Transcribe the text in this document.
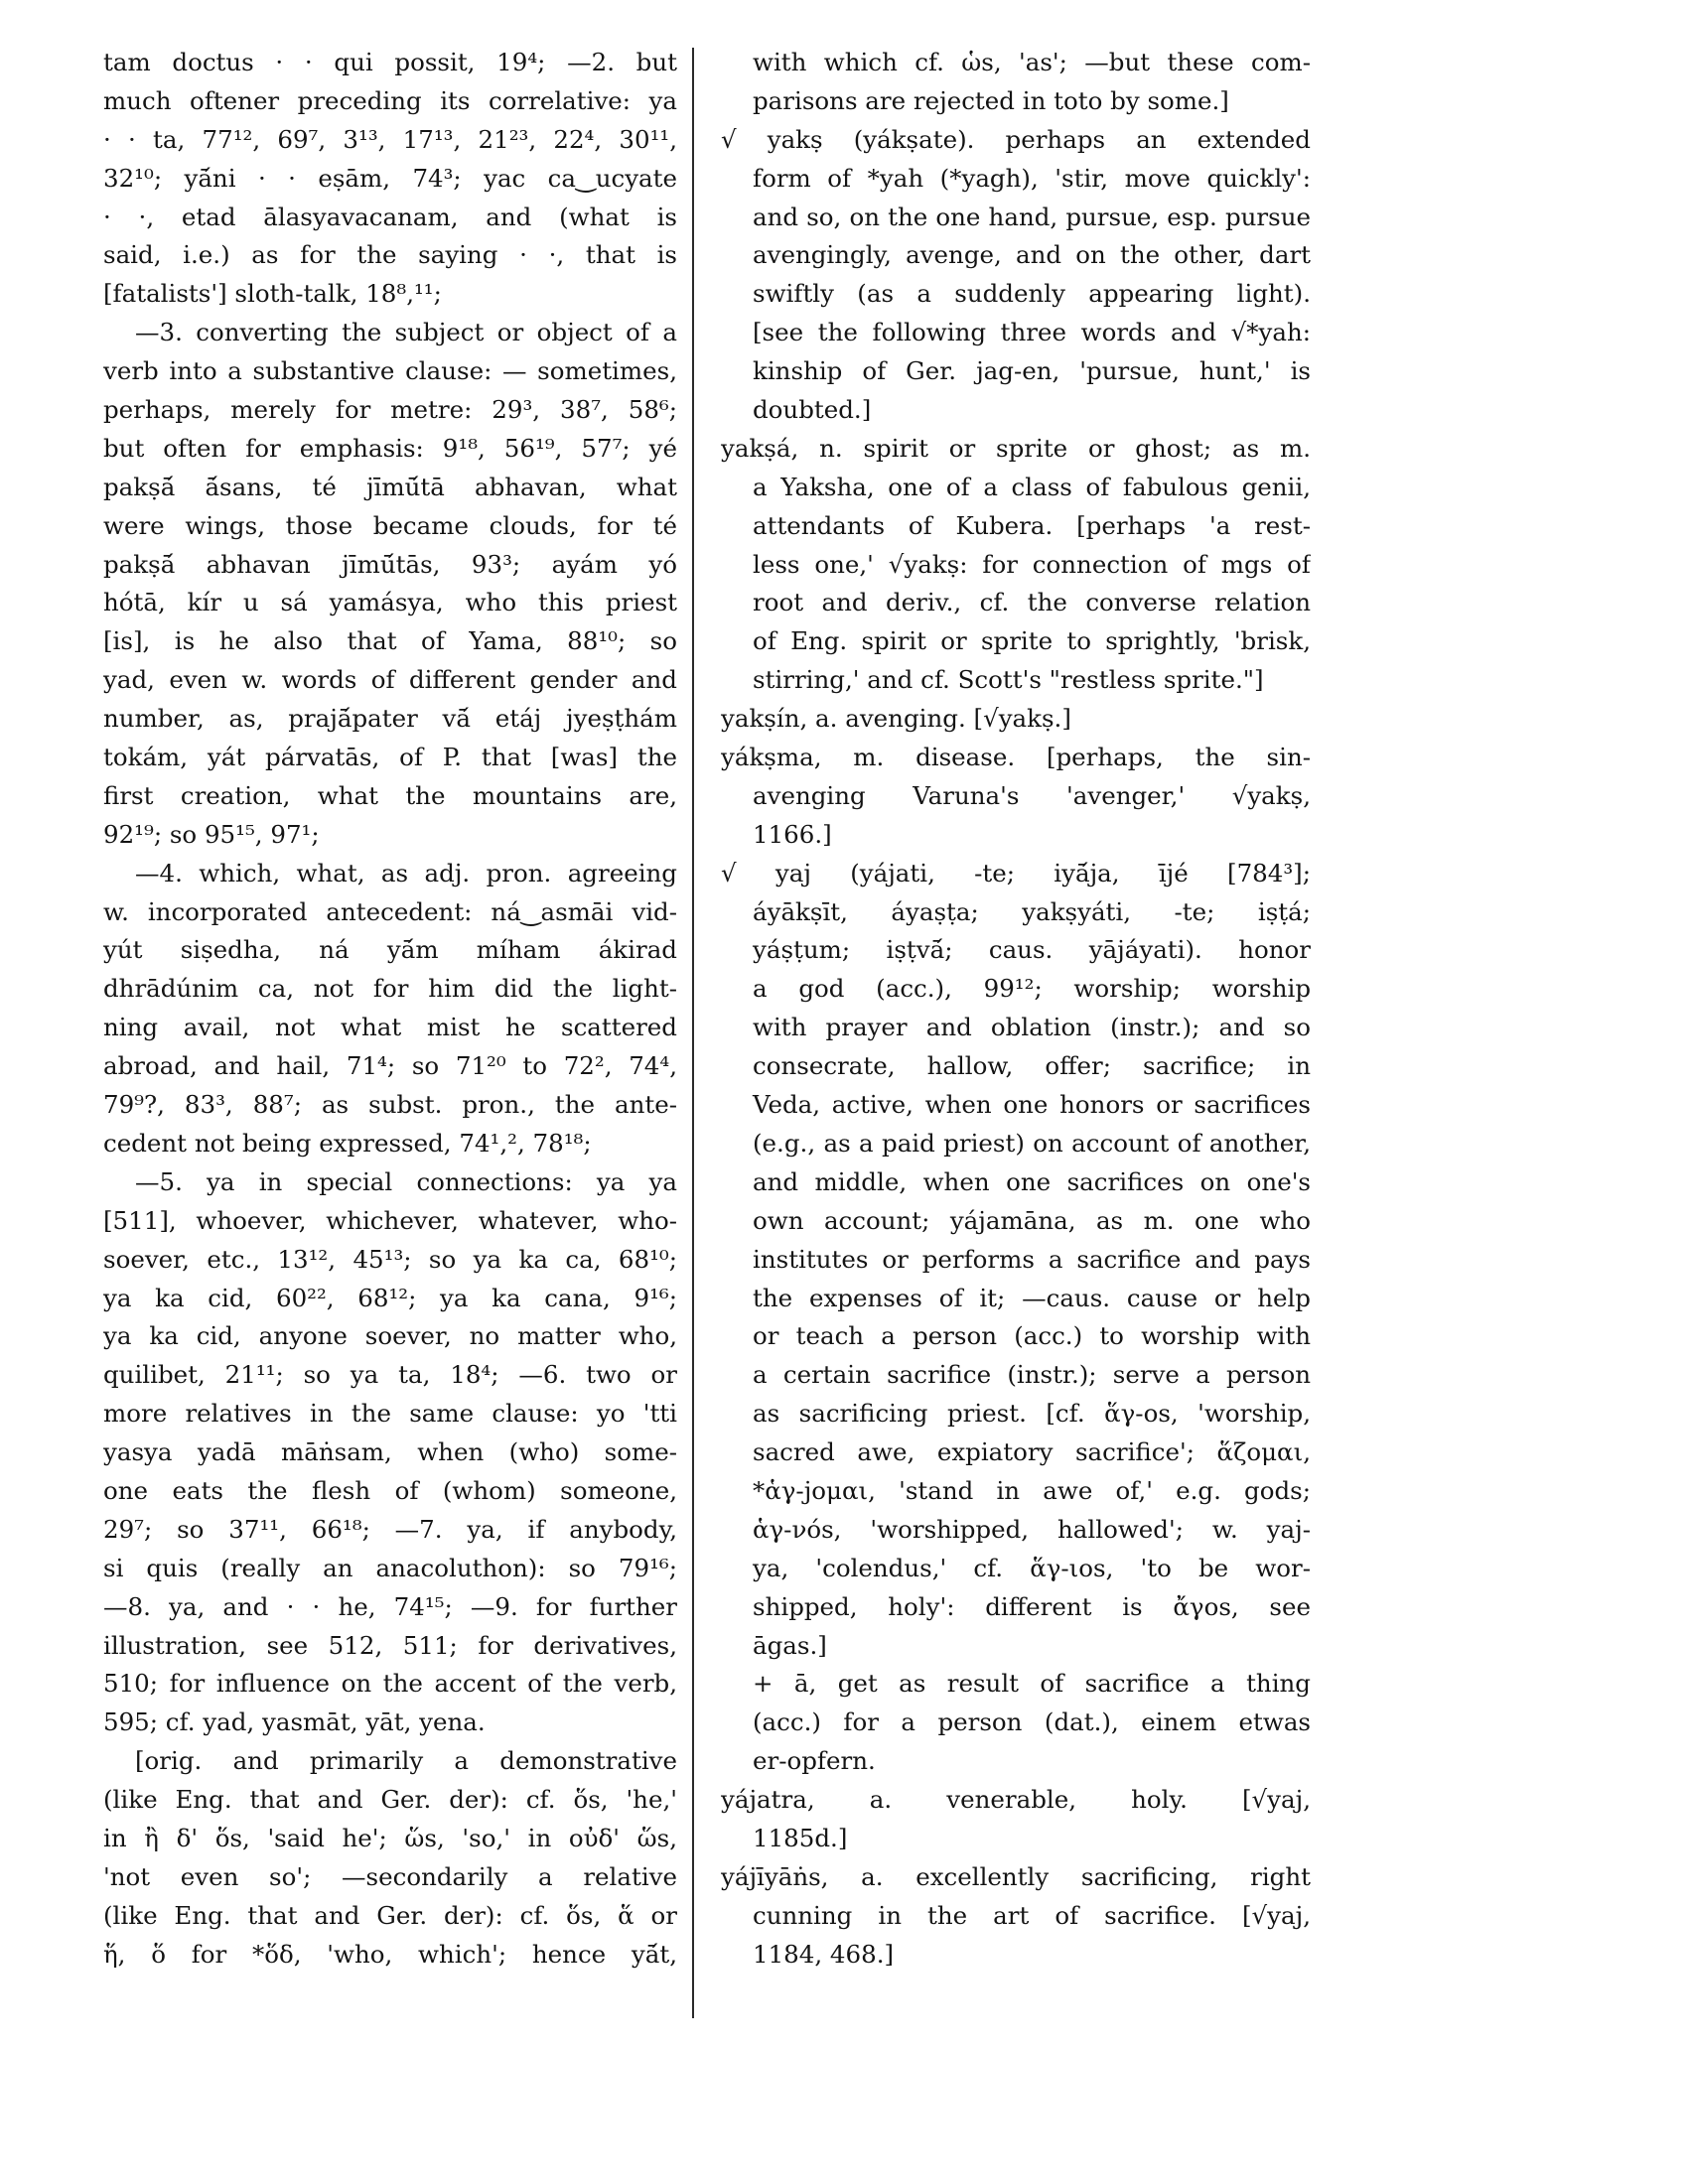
tam doctus · · qui possit, 19⁴; —2. but
much oftener preceding its correlative: ya
· · ta, 77¹², 69⁷, 3¹³, 17¹³, 21²³, 22⁴, 30¹¹,
32¹⁰; yā́ni · · eṣām, 74³; yac ca‿ucyate
· ·, etad ālasyavacanam, and (what is
said, i.e.) as for the saying · ·, that is
[fatalists'] sloth-talk, 18⁸,¹¹;
—3. converting the subject or object of a
verb into a substantive clause: — sometimes,
perhaps, merely for metre: 29³, 38⁷, 58⁶;
but often for emphasis: 9¹⁸, 56¹⁹, 57⁷; yé
pakṣā́ ā́sans, té jīmū́tā abhavan, what
were wings, those became clouds, for té
pakṣā́ abhavan jīmū́tās, 93³; ayám yó
hótā, kír u sá yamásya, who this priest
[is], is he also that of Yama, 88¹⁰; so
yad, even w. words of different gender and
number, as, prajā́pater vā́ etáj jyeṣṭhám
tokám, yát párvatās, of P. that [was] the
first creation, what the mountains are,
92¹⁹; so 95¹⁵, 97¹;
—4. which, what, as adj. pron. agreeing
w. incorporated antecedent: ná‿asmāi vid-
yút siṣedha, ná yā́m míham ákirad
dhrādúnim ca, not for him did the light-
ning avail, not what mist he scattered
abroad, and hail, 71⁴; so 71²⁰ to 72², 74⁴,
79⁹?, 83³, 88⁷; as subst. pron., the ante-
cedent not being expressed, 74¹,², 78¹⁸;
—5. ya in special connections: ya ya
[511], whoever, whichever, whatever, who-
soever, etc., 13¹², 45¹³; so ya ka ca, 68¹⁰;
ya ka cid, 60²², 68¹²; ya ka cana, 9¹⁶;
ya ka cid, anyone soever, no matter who,
quilibet, 21¹¹; so ya ta, 18⁴; —6. two or
more relatives in the same clause: yo 'tti
yasya yadā māṅsam, when (who) some-
one eats the flesh of (whom) someone,
29⁷; so 37¹¹, 66¹⁸; —7. ya, if anybody,
si quis (really an anacoluthon): so 79¹⁶;
—8. ya, and · · he, 74¹⁵; —9. for further
illustration, see 512, 511; for derivatives,
510; for influence on the accent of the verb,
595; cf. yad, yasmāt, yāt, yena.
[orig. and primarily a demonstrative
(like Eng. that and Ger. der): cf. ὅs, 'he,'
in ἢ δ' ὅs, 'said he'; ὥs, 'so,' in οὐδ' ὥs,
'not even so'; —secondarily a relative
(like Eng. that and Ger. der): cf. ὅs, ἅ or
ἥ, ὅ for *ὅδ, 'who, which'; hence yā́t,
with which cf. ὡs, 'as'; —but these com-
parisons are rejected in toto by some.]
√ yakṣ (yákṣate). perhaps an extended
form of *yah (*yagh), 'stir, move quickly':
and so, on the one hand, pursue, esp. pursue
avengingly, avenge, and on the other, dart
swiftly (as a suddenly appearing light).
[see the following three words and √*yah:
kinship of Ger. jag-en, 'pursue, hunt,' is
doubted.]
yakṣá, n. spirit or sprite or ghost; as m.
a Yaksha, one of a class of fabulous genii,
attendants of Kubera. [perhaps 'a rest-
less one,' √yakṣ: for connection of mgs of
root and deriv., cf. the converse relation
of Eng. spirit or sprite to sprightly, 'brisk,
stirring,' and cf. Scott's "restless sprite."]
yakṣín, a. avenging. [√yakṣ.]
yákṣma, m. disease. [perhaps, the sin-
avenging Varuna's 'avenger,' √yakṣ,
1166.]
√ yaj (yájati, -te; iyā́ja, ījé [784³];
áyākṣīt, áyaṣṭa; yakṣyáti, -te; iṣṭá;
yáṣṭum; iṣṭvā́; caus. yājáyati). honor
a god (acc.), 99¹²; worship; worship
with prayer and oblation (instr.); and so
consecrate, hallow, offer; sacrifice; in
Veda, active, when one honors or sacrifices
(e.g., as a paid priest) on account of another,
and middle, when one sacrifices on one's
own account; yájamāna, as m. one who
institutes or performs a sacrifice and pays
the expenses of it; —caus. cause or help
or teach a person (acc.) to worship with
a certain sacrifice (instr.); serve a person
as sacrificing priest. [cf. ἅγ-os, 'worship,
sacred awe, expiatory sacrifice'; ἅζομαι,
*ἁγ-joμαι, 'stand in awe of,' e.g. gods;
ἁγ-νόs, 'worshipped, hallowed'; w. yaj-
ya, 'colendus,' cf. ἅγ-ιοs, 'to be wor-
shipped, holy': different is ἄγοs, see
āgas.]
+ ā, get as result of sacrifice a thing
(acc.) for a person (dat.), einem etwas
er-opfern.
yájatra, a. venerable, holy. [√yaj,
1185d.]
yájīyāṅs, a. excellently sacrificing, right
cunning in the art of sacrifice. [√yaj,
1184, 468.]
